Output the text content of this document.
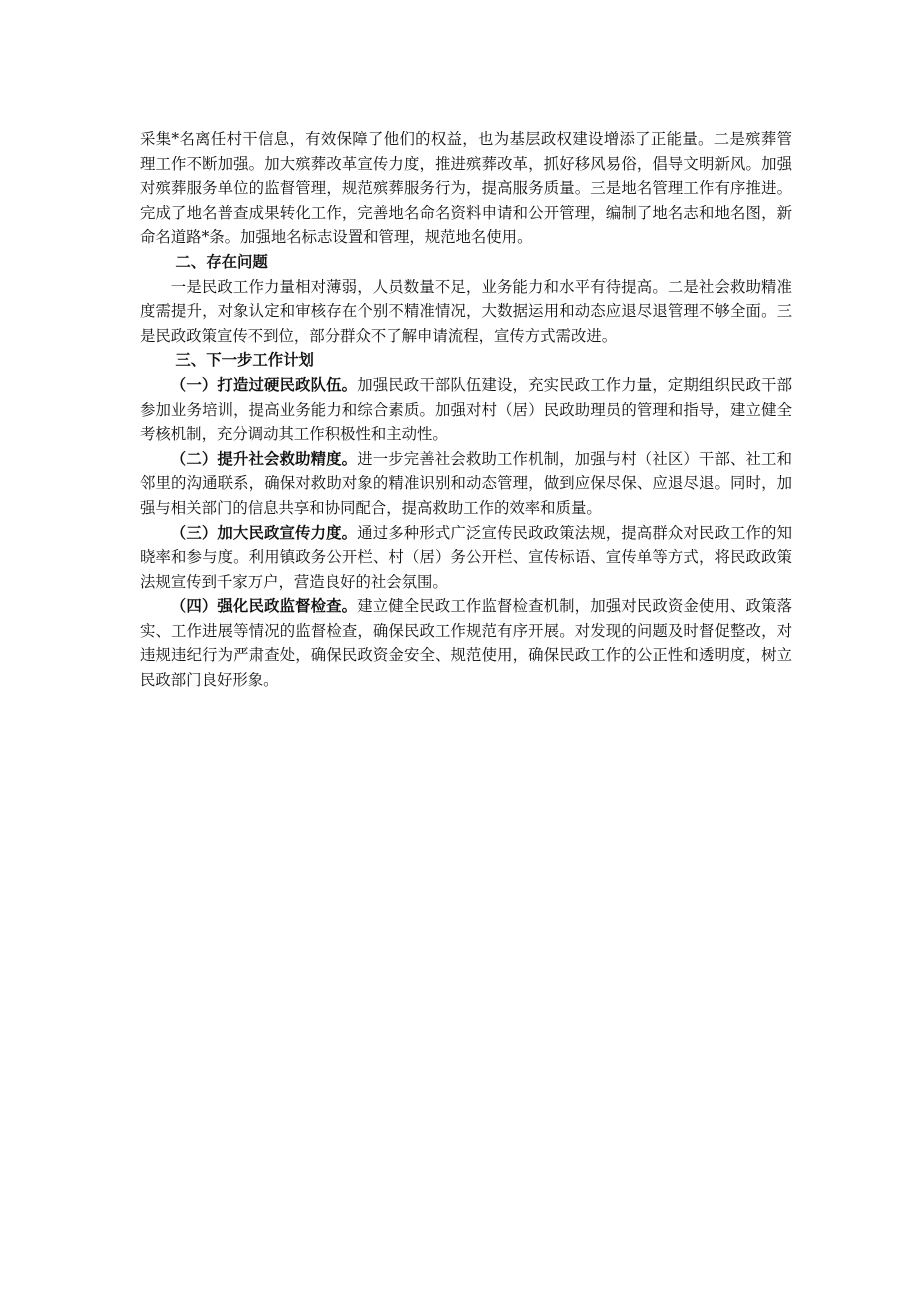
采集*名离任村干信息，有效保障了他们的权益，也为基层政权建设增添了正能量。二是殡葬管理工作不断加强。加大殡葬改革宣传力度，推进殡葬改革，抓好移风易俗，倡导文明新风。加强对殡葬服务单位的监督管理，规范殡葬服务行为，提高服务质量。三是地名管理工作有序推进。完成了地名普查成果转化工作，完善地名命名资料申请和公开管理，编制了地名志和地名图，新命名道路*条。加强地名标志设置和管理，规范地名使用。

二、存在问题

一是民政工作力量相对薄弱，人员数量不足，业务能力和水平有待提高。二是社会救助精准度需提升，对象认定和审核存在个别不精准情况，大数据运用和动态应退尽退管理不够全面。三是民政政策宣传不到位，部分群众不了解申请流程，宣传方式需改进。

三、下一步工作计划

（一）打造过硬民政队伍。加强民政干部队伍建设，充实民政工作力量，定期组织民政干部参加业务培训，提高业务能力和综合素质。加强对村（居）民政助理员的管理和指导，建立健全考核机制，充分调动其工作积极性和主动性。

（二）提升社会救助精度。进一步完善社会救助工作机制，加强与村（社区）干部、社工和邻里的沟通联系，确保对救助对象的精准识别和动态管理，做到应保尽保、应退尽退。同时，加强与相关部门的信息共享和协同配合，提高救助工作的效率和质量。

（三）加大民政宣传力度。通过多种形式广泛宣传民政政策法规，提高群众对民政工作的知晓率和参与度。利用镇政务公开栏、村（居）务公开栏、宣传标语、宣传单等方式，将民政政策法规宣传到千家万户，营造良好的社会氛围。

（四）强化民政监督检查。建立健全民政工作监督检查机制，加强对民政资金使用、政策落实、工作进展等情况的监督检查，确保民政工作规范有序开展。对发现的问题及时督促整改，对违规违纪行为严肃查处，确保民政资金安全、规范使用，确保民政工作的公正性和透明度，树立民政部门良好形象。
